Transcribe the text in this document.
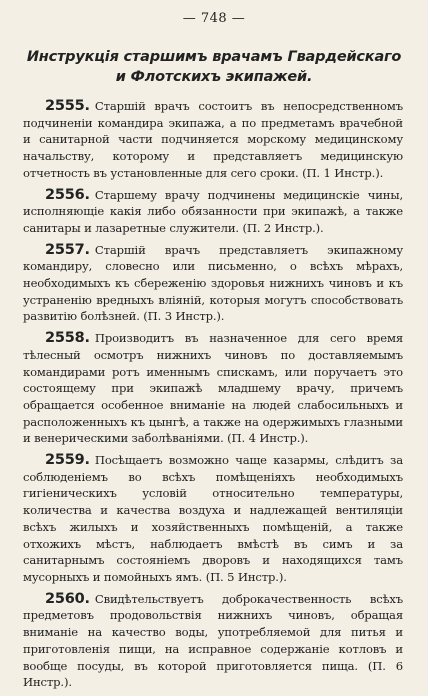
— 748 —
Инструкція старшимъ врачамъ Гвардейскаго и Флотскихъ экипажей.

2555. Старшій врачъ состоитъ въ непосредственномъ подчиненіи командира экипажа, а по предметамъ врачебной и санитарной части подчиняется морскому медицинскому начальству, которому и представляетъ медицинскую отчетность въ установленные для сего сроки. (П. 1 Инстр.).

2556. Старшему врачу подчинены медицинскіе чины, исполняющіе какія либо обязанности при экипажѣ, а также санитары и лазаретные служители. (П. 2 Инстр.).

2557. Старшій врачъ представляетъ экипажному командиру, словесно или письменно, о всѣхъ мѣрахъ, необходимыхъ къ сбереженію здоровья нижнихъ чиновъ и къ устраненію вредныхъ вліяній, которыя могутъ способствовать развитію болѣзней. (П. 3 Инстр.).

2558. Производитъ въ назначенное для сего время тѣлесный осмотръ нижнихъ чиновъ по доставляемымъ командирами ротъ именнымъ спискамъ, или поручаетъ это состоящему при экипажѣ младшему врачу, причемъ обращается особенное вниманіе на людей слабосильныхъ и расположенныхъ къ цынгѣ, а также на одержимыхъ глазными и венерическими заболѣваніями. (П. 4 Инстр.).

2559. Посѣщаетъ возможно чаще казармы, слѣдитъ за соблюденіемъ во всѣхъ помѣщеніяхъ необходимыхъ гигіеническихъ условій относительно температуры, количества и качества воздуха и надлежащей вентиляціи всѣхъ жилыхъ и хозяйственныхъ помѣщеній, а также отхожихъ мѣстъ, наблюдаетъ вмѣстѣ въ симъ и за санитарнымъ состояніемъ дворовъ и находящихся тамъ мусорныхъ и помойныхъ ямъ. (П. 5 Инстр.).

2560. Свидѣтельствуетъ доброкачественность всѣхъ предметовъ продовольствія нижнихъ чиновъ, обращая вниманіе на качество воды, употребляемой для питья и приготовленія пищи, на исправное содержаніе котловъ и вообще посуды, въ которой приготовляется пища. (П. 6 Инстр.).
